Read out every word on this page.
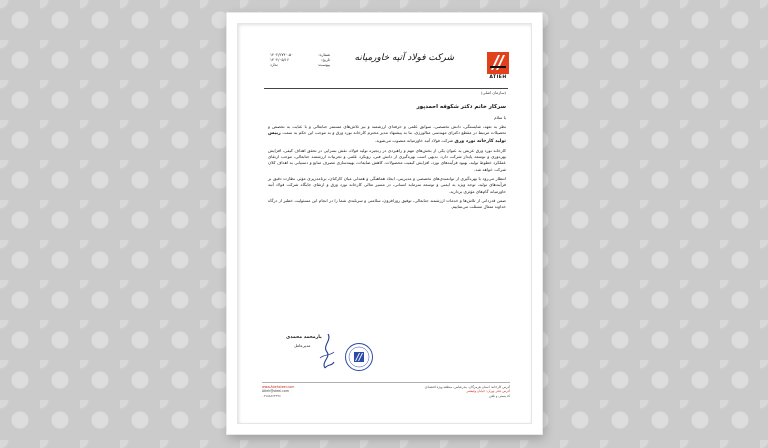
ATIEH
شرکت فولاد آتیه خاورمیانه
شماره:
۱۴۰۲/۲۷۴۰-۵۰
تاریخ:
۱۴۰۲/۰۵/۱۶
پیوست:
ندارد
(سازمان اصلی)
سرکار خانم دکتر شکوفه احمدپور
با سلام

نظر به تعهد، شایستگی، دانش تخصصی، سوابق علمی و حرفه‌ای ارزشمند و نیز تلاش‌های مستمر جنابعالی و با عنایت به تخصص و تحصیلات مرتبط در مقطع دکترای مهندسی متالورژی، بنا به پیشنهاد مدیر محترم کارخانه نورد ورق و به موجب این حکم به سمت رییس تولید کارخانه نورد ورق شرکت فولاد آتیه خاورمیانه منصوب می‌شوید.

کارخانه نورد ورق عریض به عنوان یکی از بخش‌های مهم و راهبردی در زنجیره تولید فولاد، نقش بسزایی در تحقق اهداف کیفی، افزایش بهره‌وری و توسعه پایدار شرکت دارد. بدیهی است بهره‌گیری از دانش فنی، رویکرد علمی و تجربیات ارزشمند جنابعالی، موجب ارتقای عملکرد خطوط تولید، بهبود فرآیندهای نورد، افزایش کیفیت محصولات، کاهش ضایعات، بهینه‌سازی مصرف منابع و دستیابی به اهداف کلان شرکت خواهد شد.

انتظار می‌رود با بهره‌گیری از توانمندی‌های تخصصی و مدیریتی، ایجاد هماهنگی و همدلی میان کارکنان، برنامه‌ریزی مؤثر، نظارت دقیق بر فرآیندهای تولید، توجه ویژه به ایمنی و توسعه سرمایه انسانی، در مسیر تعالی کارخانه نورد ورق و ارتقای جایگاه شرکت فولاد آتیه خاورمیانه گام‌های مؤثری بردارید.

ضمن قدردانی از تلاش‌ها و خدمات ارزشمند جنابعالی، توفیق روزافزون، سلامتی و سربلندی شما را در انجام این مسئولیت خطیر از درگاه خداوند متعال مسئلت می‌نماییم.

یارمحمد محمدی
مدیرعامل
www.Atiehsteel.com	آدرس کارخانه: استان هرمزگان، بندرعباس، منطقه ویژه اقتصادی
Atieh@steel.com	آدرس دفتر تهران: خیابان ولیعصر
۰۲۱۸۸۶۶۴۲۹۶	کد پستی و تلفن
